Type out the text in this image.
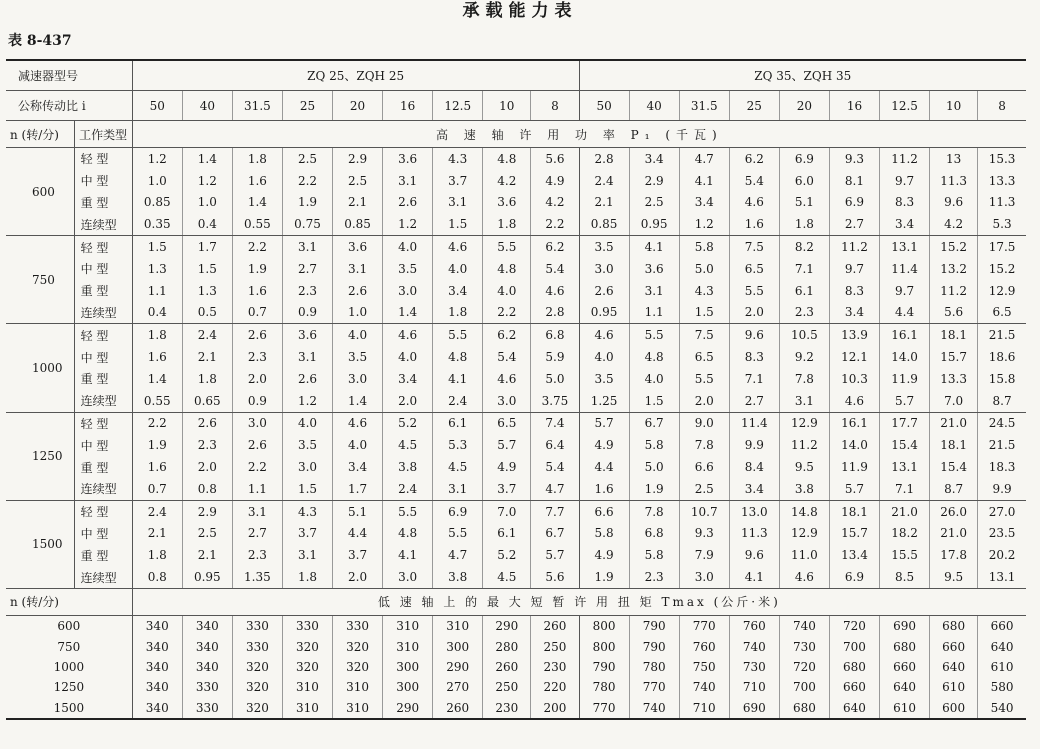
承载能力表
表 8-437
减速器型号		ZQ 25、ZQH 25									ZQ 35、ZQH 35								
公称传动比 i		50	40	31.5	25	20	16	12.5	10	8	50	40	31.5	25	20	16	12.5	10	8
n (转/分)	工作类型	高 速 轴 许 用 功 率 P₁ (千瓦)																	
600	轻 型	1.2	1.4	1.8	2.5	2.9	3.6	4.3	4.8	5.6	2.8	3.4	4.7	6.2	6.9	9.3	11.2	13	15.3
	中 型	1.0	1.2	1.6	2.2	2.5	3.1	3.7	4.2	4.9	2.4	2.9	4.1	5.4	6.0	8.1	9.7	11.3	13.3
	重 型	0.85	1.0	1.4	1.9	2.1	2.6	3.1	3.6	4.2	2.1	2.5	3.4	4.6	5.1	6.9	8.3	9.6	11.3
	连续型	0.35	0.4	0.55	0.75	0.85	1.2	1.5	1.8	2.2	0.85	0.95	1.2	1.6	1.8	2.7	3.4	4.2	5.3
750	轻 型	1.5	1.7	2.2	3.1	3.6	4.0	4.6	5.5	6.2	3.5	4.1	5.8	7.5	8.2	11.2	13.1	15.2	17.5
	中 型	1.3	1.5	1.9	2.7	3.1	3.5	4.0	4.8	5.4	3.0	3.6	5.0	6.5	7.1	9.7	11.4	13.2	15.2
	重 型	1.1	1.3	1.6	2.3	2.6	3.0	3.4	4.0	4.6	2.6	3.1	4.3	5.5	6.1	8.3	9.7	11.2	12.9
	连续型	0.4	0.5	0.7	0.9	1.0	1.4	1.8	2.2	2.8	0.95	1.1	1.5	2.0	2.3	3.4	4.4	5.6	6.5
1000	轻 型	1.8	2.4	2.6	3.6	4.0	4.6	5.5	6.2	6.8	4.6	5.5	7.5	9.6	10.5	13.9	16.1	18.1	21.5
	中 型	1.6	2.1	2.3	3.1	3.5	4.0	4.8	5.4	5.9	4.0	4.8	6.5	8.3	9.2	12.1	14.0	15.7	18.6
	重 型	1.4	1.8	2.0	2.6	3.0	3.4	4.1	4.6	5.0	3.5	4.0	5.5	7.1	7.8	10.3	11.9	13.3	15.8
	连续型	0.55	0.65	0.9	1.2	1.4	2.0	2.4	3.0	3.75	1.25	1.5	2.0	2.7	3.1	4.6	5.7	7.0	8.7
1250	轻 型	2.2	2.6	3.0	4.0	4.6	5.2	6.1	6.5	7.4	5.7	6.7	9.0	11.4	12.9	16.1	17.7	21.0	24.5
	中 型	1.9	2.3	2.6	3.5	4.0	4.5	5.3	5.7	6.4	4.9	5.8	7.8	9.9	11.2	14.0	15.4	18.1	21.5
	重 型	1.6	2.0	2.2	3.0	3.4	3.8	4.5	4.9	5.4	4.4	5.0	6.6	8.4	9.5	11.9	13.1	15.4	18.3
	连续型	0.7	0.8	1.1	1.5	1.7	2.4	3.1	3.7	4.7	1.6	1.9	2.5	3.4	3.8	5.7	7.1	8.7	9.9
1500	轻 型	2.4	2.9	3.1	4.3	5.1	5.5	6.9	7.0	7.7	6.6	7.8	10.7	13.0	14.8	18.1	21.0	26.0	27.0
	中 型	2.1	2.5	2.7	3.7	4.4	4.8	5.5	6.1	6.7	5.8	6.8	9.3	11.3	12.9	15.7	18.2	21.0	23.5
	重 型	1.8	2.1	2.3	3.1	3.7	4.1	4.7	5.2	5.7	4.9	5.8	7.9	9.6	11.0	13.4	15.5	17.8	20.2
	连续型	0.8	0.95	1.35	1.8	2.0	3.0	3.8	4.5	5.6	1.9	2.3	3.0	4.1	4.6	6.9	8.5	9.5	13.1
n (转/分)		低 速 轴 上 的 最 大 短 暂 许 用 扭 矩 Tmax (公斤·米)																	
600		340	340	330	330	330	310	310	290	260	800	790	770	760	740	720	690	680	660
750		340	340	330	320	320	310	300	280	250	800	790	760	740	730	700	680	660	640
1000		340	340	320	320	320	300	290	260	230	790	780	750	730	720	680	660	640	610
1250		340	330	320	310	310	300	270	250	220	780	770	740	710	700	660	640	610	580
1500		340	330	320	310	310	290	260	230	200	770	740	710	690	680	640	610	600	540
